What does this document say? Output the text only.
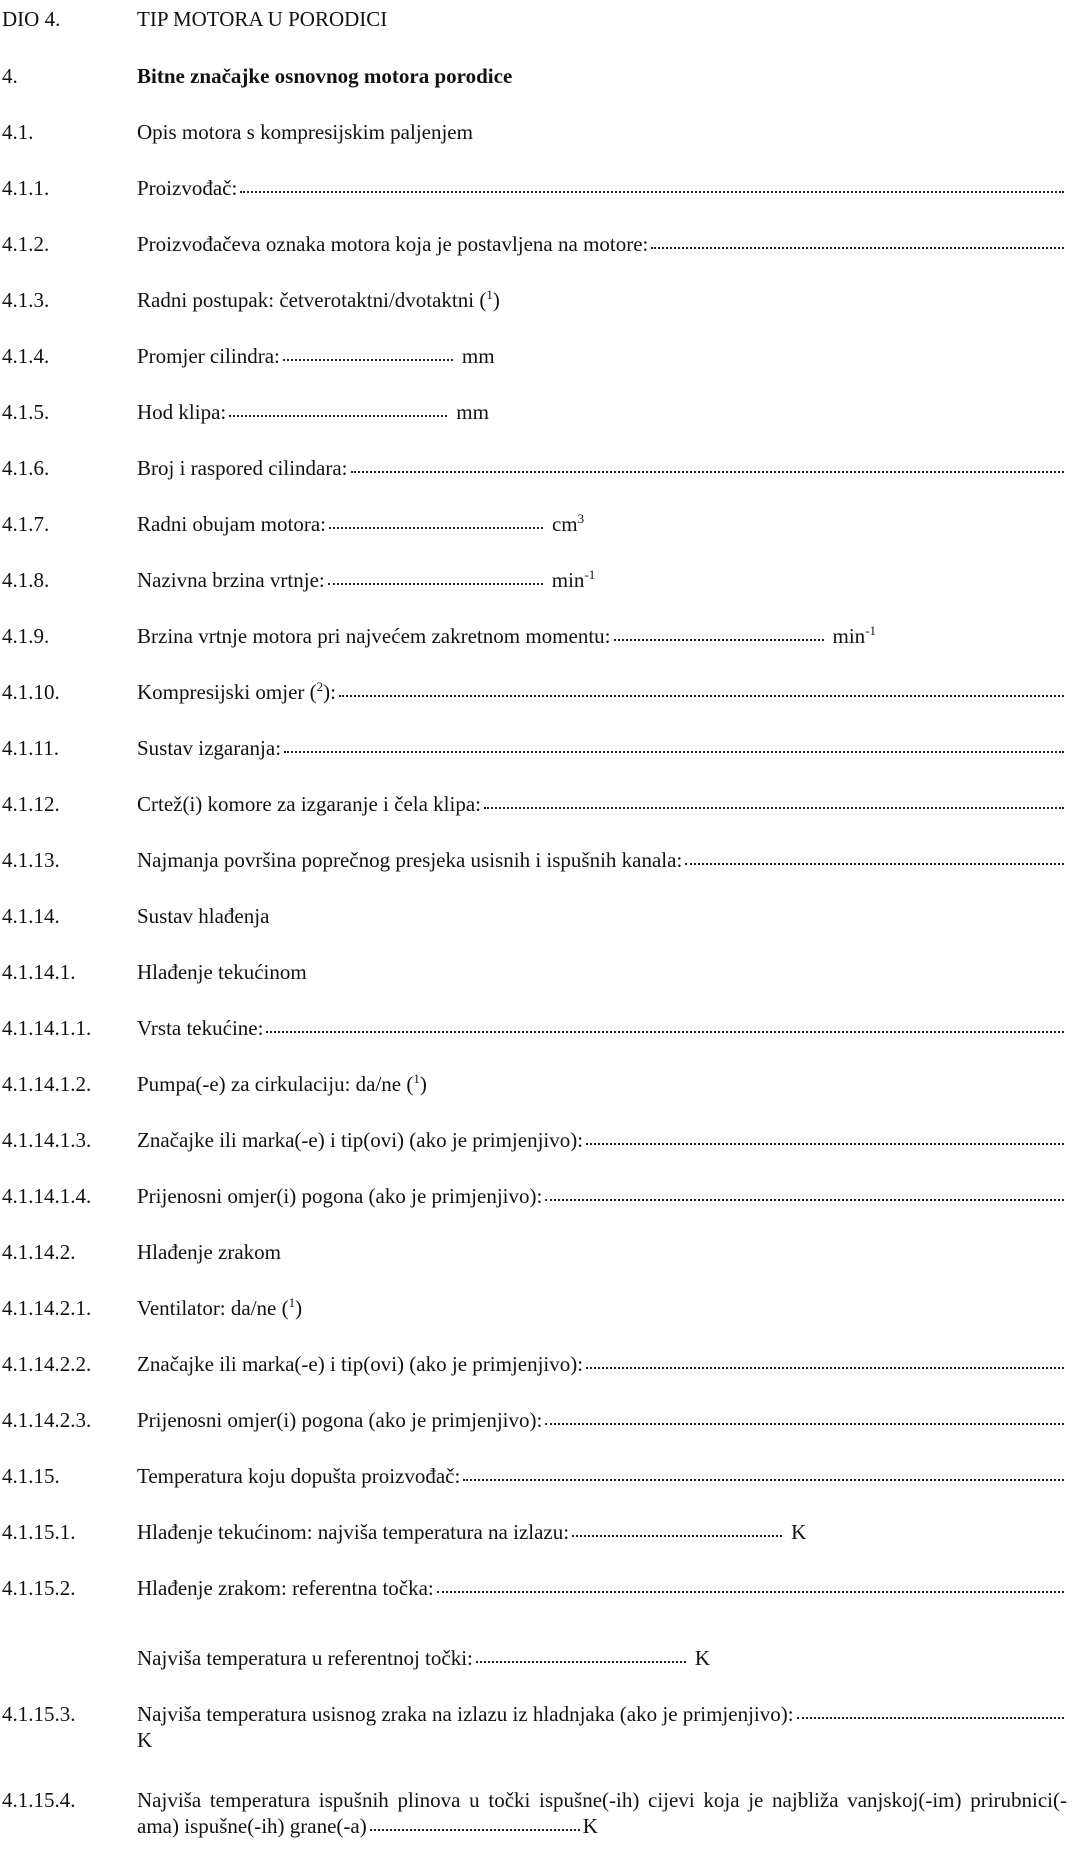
DIO 4.	TIP MOTORA U PORODICI
4.	Bitne značajke osnovnog motora porodice
4.1.	Opis motora s kompresijskim paljenjem
4.1.1.	Proizvođač:
4.1.2.	Proizvođačeva oznaka motora koja je postavljena na motore:
4.1.3.	Radni postupak: četverotaktni/dvotaktni ($^1$)
4.1.4.	Promjer cilindra:	mm
4.1.5.	Hod klipa:	mm
4.1.6.	Broj i raspored cilindara:
4.1.7.	Radni obujam motora:	$cm^3$
4.1.8.	Nazivna brzina vrtnje:	$\min^{-1}$
4.1.9.	Brzina vrtnje motora pri najvećem zakretnom momentu:	$\min^{-1}$
4.1.10.	Kompresijski omjer ($^2$):
4.1.11.	Sustav izgaranja:
4.1.12.	Crtež(i) komore za izgaranje i čela klipa:
4.1.13.	Najmanja površina poprečnog presjeka usisnih i ispušnih kanala:
4.1.14.	Sustav hlađenja
4.1.14.1.	Hlađenje tekućinom
4.1.14.1.1. Vrsta tekućine:
4.1.14.1.2. Pumpa(-e) za cirkulaciju: da/ne ($^1$)
4.1.14.1.3. Značajke ili marka(-e) i tip(ovi) (ako je primjenjivo):
4.1.14.1.4. Prijenosni omjer(i) pogona (ako je primjenjivo):
4.1.14.2.	Hlađenje zrakom
4.1.14.2.1. Ventilator: da/ne ($^1$)
4.1.14.2.2. Značajke ili marka(-e) i tip(ovi) (ako je primjenjivo):
4.1.14.2.3. Prijenosni omjer(i) pogona (ako je primjenjivo):
4.1.15.	Temperatura koju dopušta proizvođač:
4.1.15.1.	Hlađenje tekućinom: najviša temperatura na izlazu:	K
4.1.15.2.	Hlađenje zrakom: referentna točka:
Najviša temperatura u referentnoj točki:	K
4.1.15.3.	Najviša temperatura usisnog zraka na izlazu iz hladnjaka (ako je primjenjivo):
K
4.1.15.4.	Najviša temperatura ispušnih plinova u točki ispušne(-ih) cijevi koja je najbliža vanjskoj(-im) prirubnici(-ama) ispušne(-ih) grane(-a)	K
